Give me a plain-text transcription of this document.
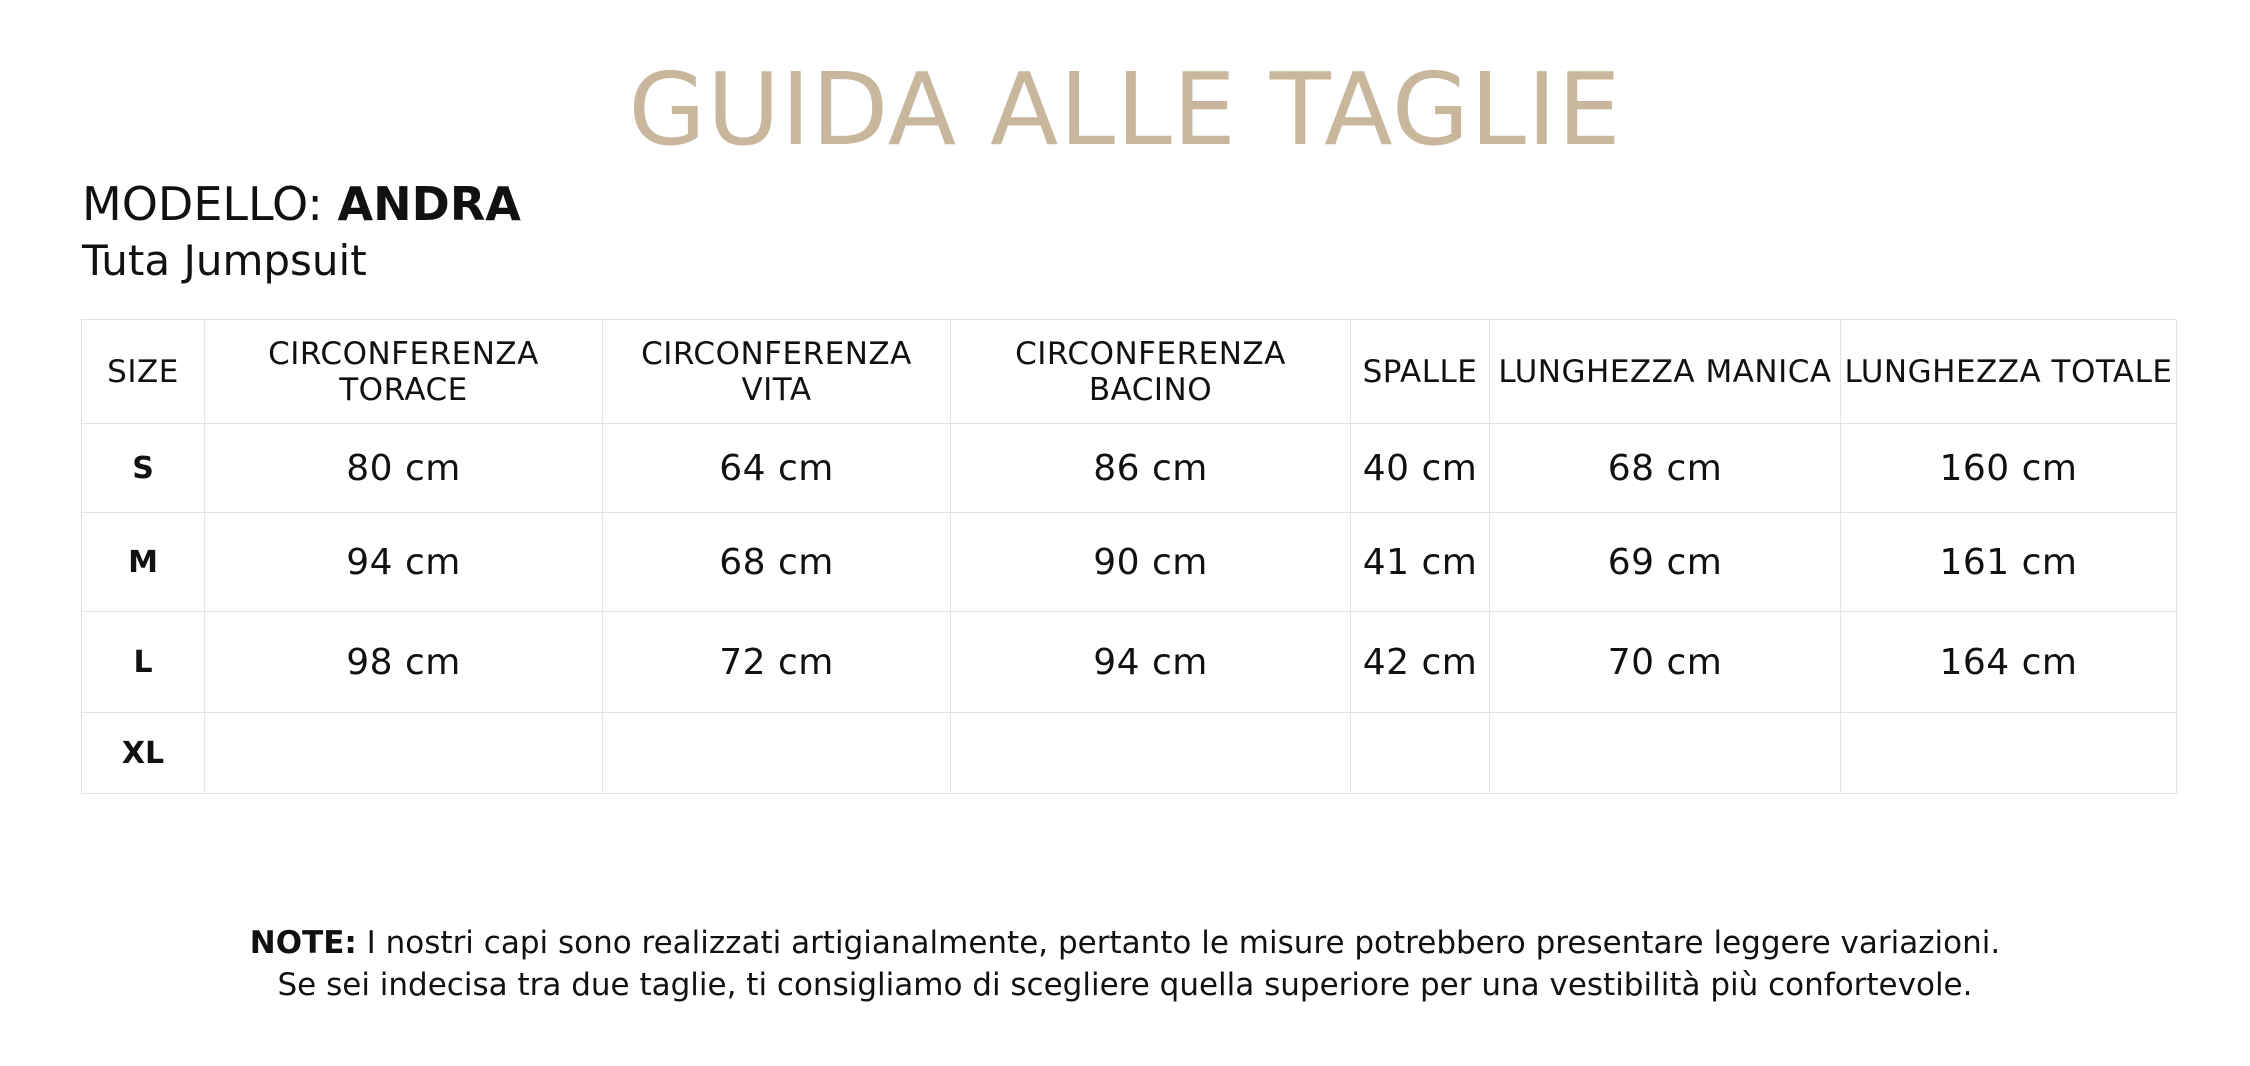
GUIDA ALLE TAGLIE
MODELLO: ANDRA
Tuta Jumpsuit
SIZE	CIRCONFERENZA TORACE	CIRCONFERENZA VITA	CIRCONFERENZA BACINO	SPALLE	LUNGHEZZA MANICA	LUNGHEZZA TOTALE
S	80 cm	64 cm	86 cm	40 cm	68 cm	160 cm
M	94 cm	68 cm	90 cm	41 cm	69 cm	161 cm
L	98 cm	72 cm	94 cm	42 cm	70 cm	164 cm
XL						
NOTE: I nostri capi sono realizzati artigianalmente, pertanto le misure potrebbero presentare leggere variazioni.
Se sei indecisa tra due taglie, ti consigliamo di scegliere quella superiore per una vestibilità più confortevole.
